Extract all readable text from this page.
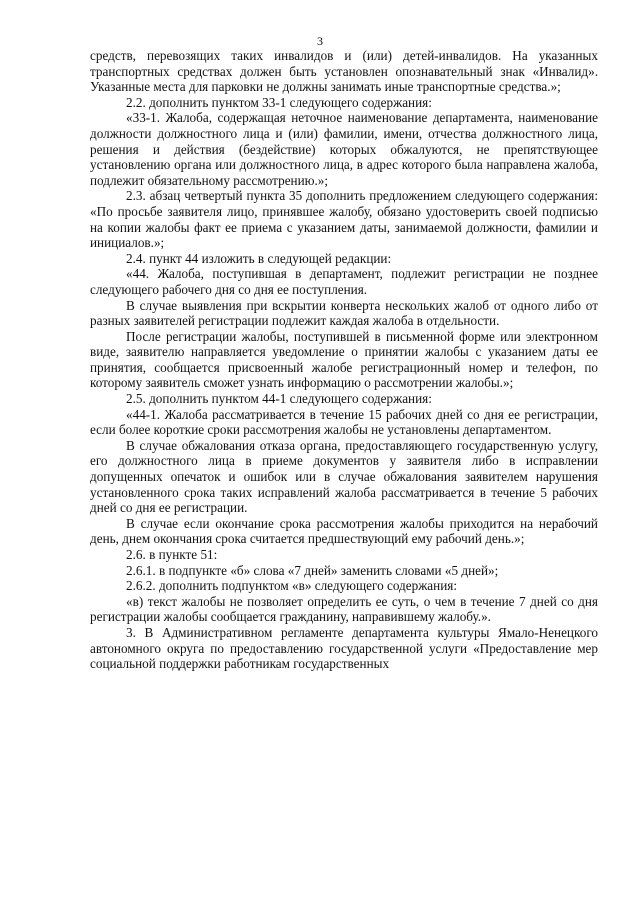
3

средств, перевозящих таких инвалидов и (или) детей-инвалидов. На указанных транспортных средствах должен быть установлен опознавательный знак «Инвалид». Указанные места для парковки не должны занимать иные транспортные средства.»;

2.2. дополнить пунктом 33-1 следующего содержания:

«33-1. Жалоба, содержащая неточное наименование департамента, наименование должности должностного лица и (или) фамилии, имени, отчества должностного лица, решения и действия (бездействие) которых обжалуются, не препятствующее установлению органа или должностного лица, в адрес которого была направлена жалоба, подлежит обязательному рассмотрению.»;

2.3. абзац четвертый пункта 35 дополнить предложением следующего содержания: «По просьбе заявителя лицо, принявшее жалобу, обязано удостоверить своей подписью на копии жалобы факт ее приема с указанием даты, занимаемой должности, фамилии и инициалов.»;

2.4. пункт 44 изложить в следующей редакции:

«44. Жалоба, поступившая в департамент, подлежит регистрации не позднее следующего рабочего дня со дня ее поступления.

В случае выявления при вскрытии конверта нескольких жалоб от одного либо от разных заявителей регистрации подлежит каждая жалоба в отдельности.

После регистрации жалобы, поступившей в письменной форме или электронном виде, заявителю направляется уведомление о принятии жалобы с указанием даты ее принятия, сообщается присвоенный жалобе регистрационный номер и телефон, по которому заявитель сможет узнать информацию о рассмотрении жалобы.»;

2.5. дополнить пунктом 44-1 следующего содержания:

«44-1. Жалоба рассматривается в течение 15 рабочих дней со дня ее регистрации, если более короткие сроки рассмотрения жалобы не установлены департаментом.

В случае обжалования отказа органа, предоставляющего государственную услугу, его должностного лица в приеме документов у заявителя либо в исправлении допущенных опечаток и ошибок или в случае обжалования заявителем нарушения установленного срока таких исправлений жалоба рассматривается в течение 5 рабочих дней со дня ее регистрации.

В случае если окончание срока рассмотрения жалобы приходится на нерабочий день, днем окончания срока считается предшествующий ему рабочий день.»;

2.6. в пункте 51:

2.6.1. в подпункте «б» слова «7 дней» заменить словами «5 дней»;

2.6.2. дополнить подпунктом «в» следующего содержания:

«в) текст жалобы не позволяет определить ее суть, о чем в течение 7 дней со дня регистрации жалобы сообщается гражданину, направившему жалобу.».

3. В Административном регламенте департамента культуры Ямало-Ненецкого автономного округа по предоставлению государственной услуги «Предоставление мер социальной поддержки работникам государственных
